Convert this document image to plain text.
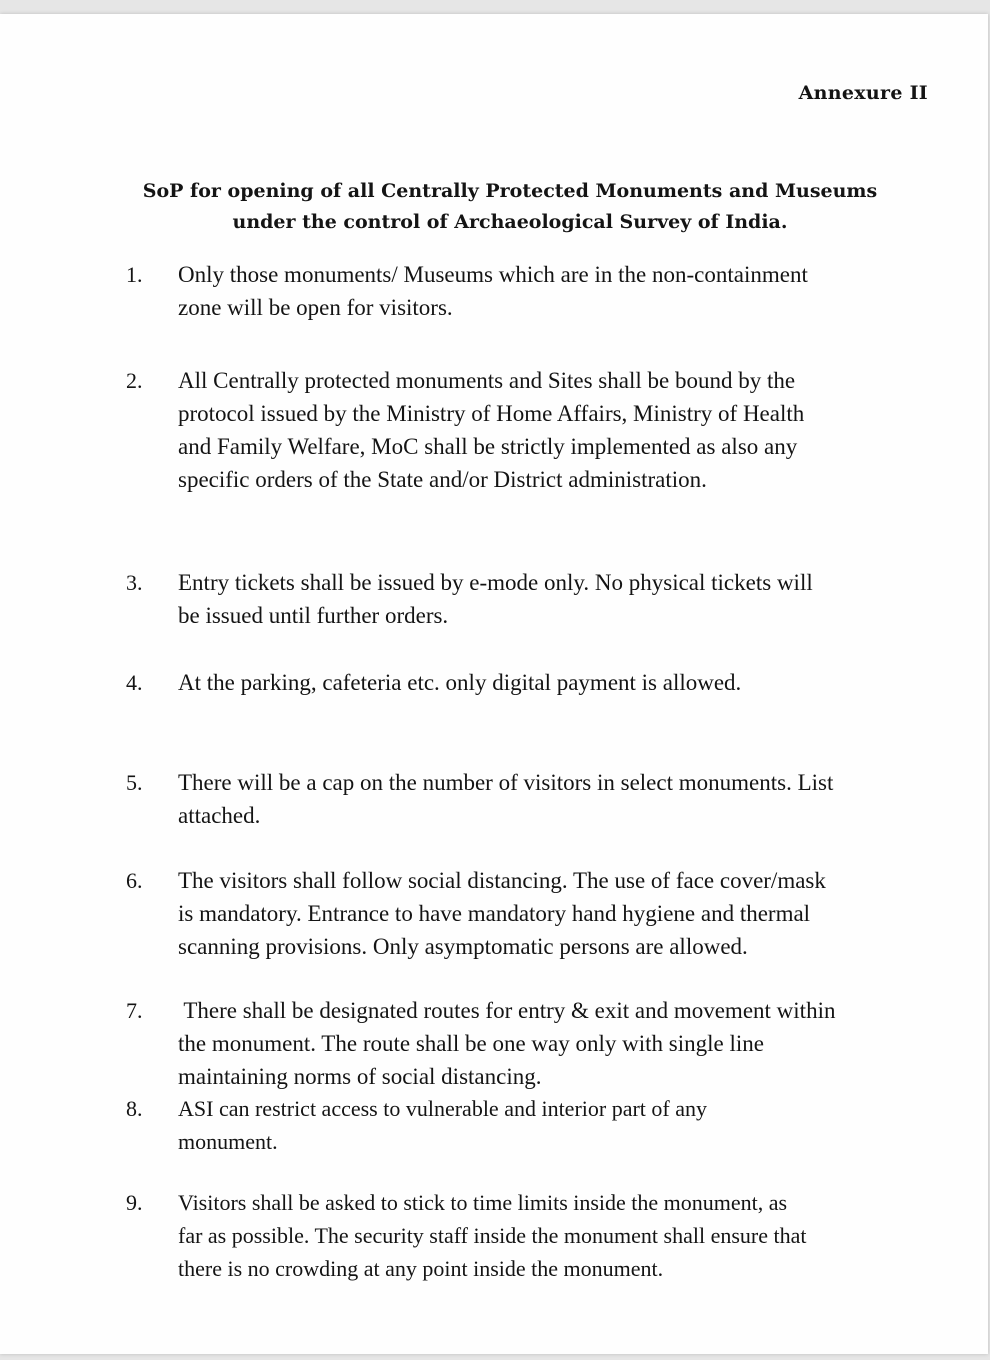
Annexure II
SoP for opening of all Centrally Protected Monuments and Museums
under the control of Archaeological Survey of India.
1. Only those monuments/ Museums which are in the non-containment
zone will be open for visitors.
2. All Centrally protected monuments and Sites shall be bound by the
protocol issued by the Ministry of Home Affairs, Ministry of Health
and Family Welfare, MoC shall be strictly implemented as also any
specific orders of the State and/or District administration.
3. Entry tickets shall be issued by e-mode only. No physical tickets will
be issued until further orders.
4. At the parking, cafeteria etc. only digital payment is allowed.
5. There will be a cap on the number of visitors in select monuments. List
attached.
6. The visitors shall follow social distancing. The use of face cover/mask
is mandatory. Entrance to have mandatory hand hygiene and thermal
scanning provisions. Only asymptomatic persons are allowed.
7. There shall be designated routes for entry & exit and movement within
the monument. The route shall be one way only with single line
maintaining norms of social distancing.
8. ASI can restrict access to vulnerable and interior part of any
monument.
9. Visitors shall be asked to stick to time limits inside the monument, as
far as possible. The security staff inside the monument shall ensure that
there is no crowding at any point inside the monument.
